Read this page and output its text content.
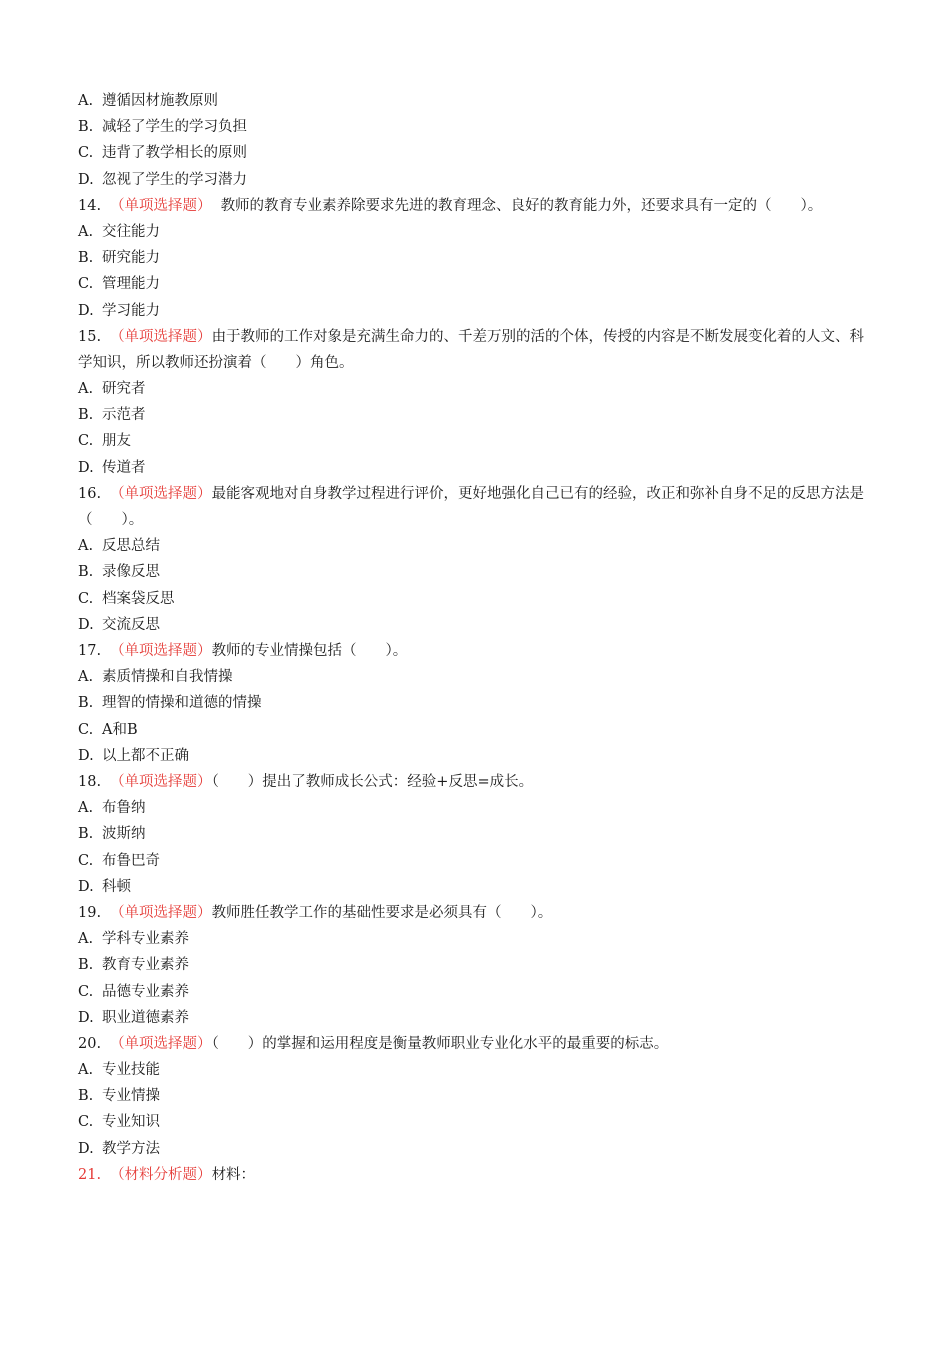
A. 遵循因材施教原则
B. 减轻了学生的学习负担
C. 违背了教学相长的原则
D. 忽视了学生的学习潜力
14. （单项选择题） 教师的教育专业素养除要求先进的教育理念、良好的教育能力外，还要求具有一定的（　　）。
A. 交往能力
B. 研究能力
C. 管理能力
D. 学习能力
15. （单项选择题）由于教师的工作对象是充满生命力的、千差万别的活的个体，传授的内容是不断发展变化着的人文、科学知识，所以教师还扮演着（　　）角色。
A. 研究者
B. 示范者
C. 朋友
D. 传道者
16. （单项选择题）最能客观地对自身教学过程进行评价，更好地强化自己已有的经验，改正和弥补自身不足的反思方法是（　　）。
A. 反思总结
B. 录像反思
C. 档案袋反思
D. 交流反思
17. （单项选择题）教师的专业情操包括（　　）。
A. 素质情操和自我情操
B. 理智的情操和道德的情操
C. A和B
D. 以上都不正确
18. （单项选择题）（　　）提出了教师成长公式：经验+反思=成长。
A. 布鲁纳
B. 波斯纳
C. 布鲁巴奇
D. 科顿
19. （单项选择题）教师胜任教学工作的基础性要求是必须具有（　　）。
A. 学科专业素养
B. 教育专业素养
C. 品德专业素养
D. 职业道德素养
20. （单项选择题）（　　）的掌握和运用程度是衡量教师职业专业化水平的最重要的标志。
A. 专业技能
B. 专业情操
C. 专业知识
D. 教学方法
21. （材料分析题）材料：
